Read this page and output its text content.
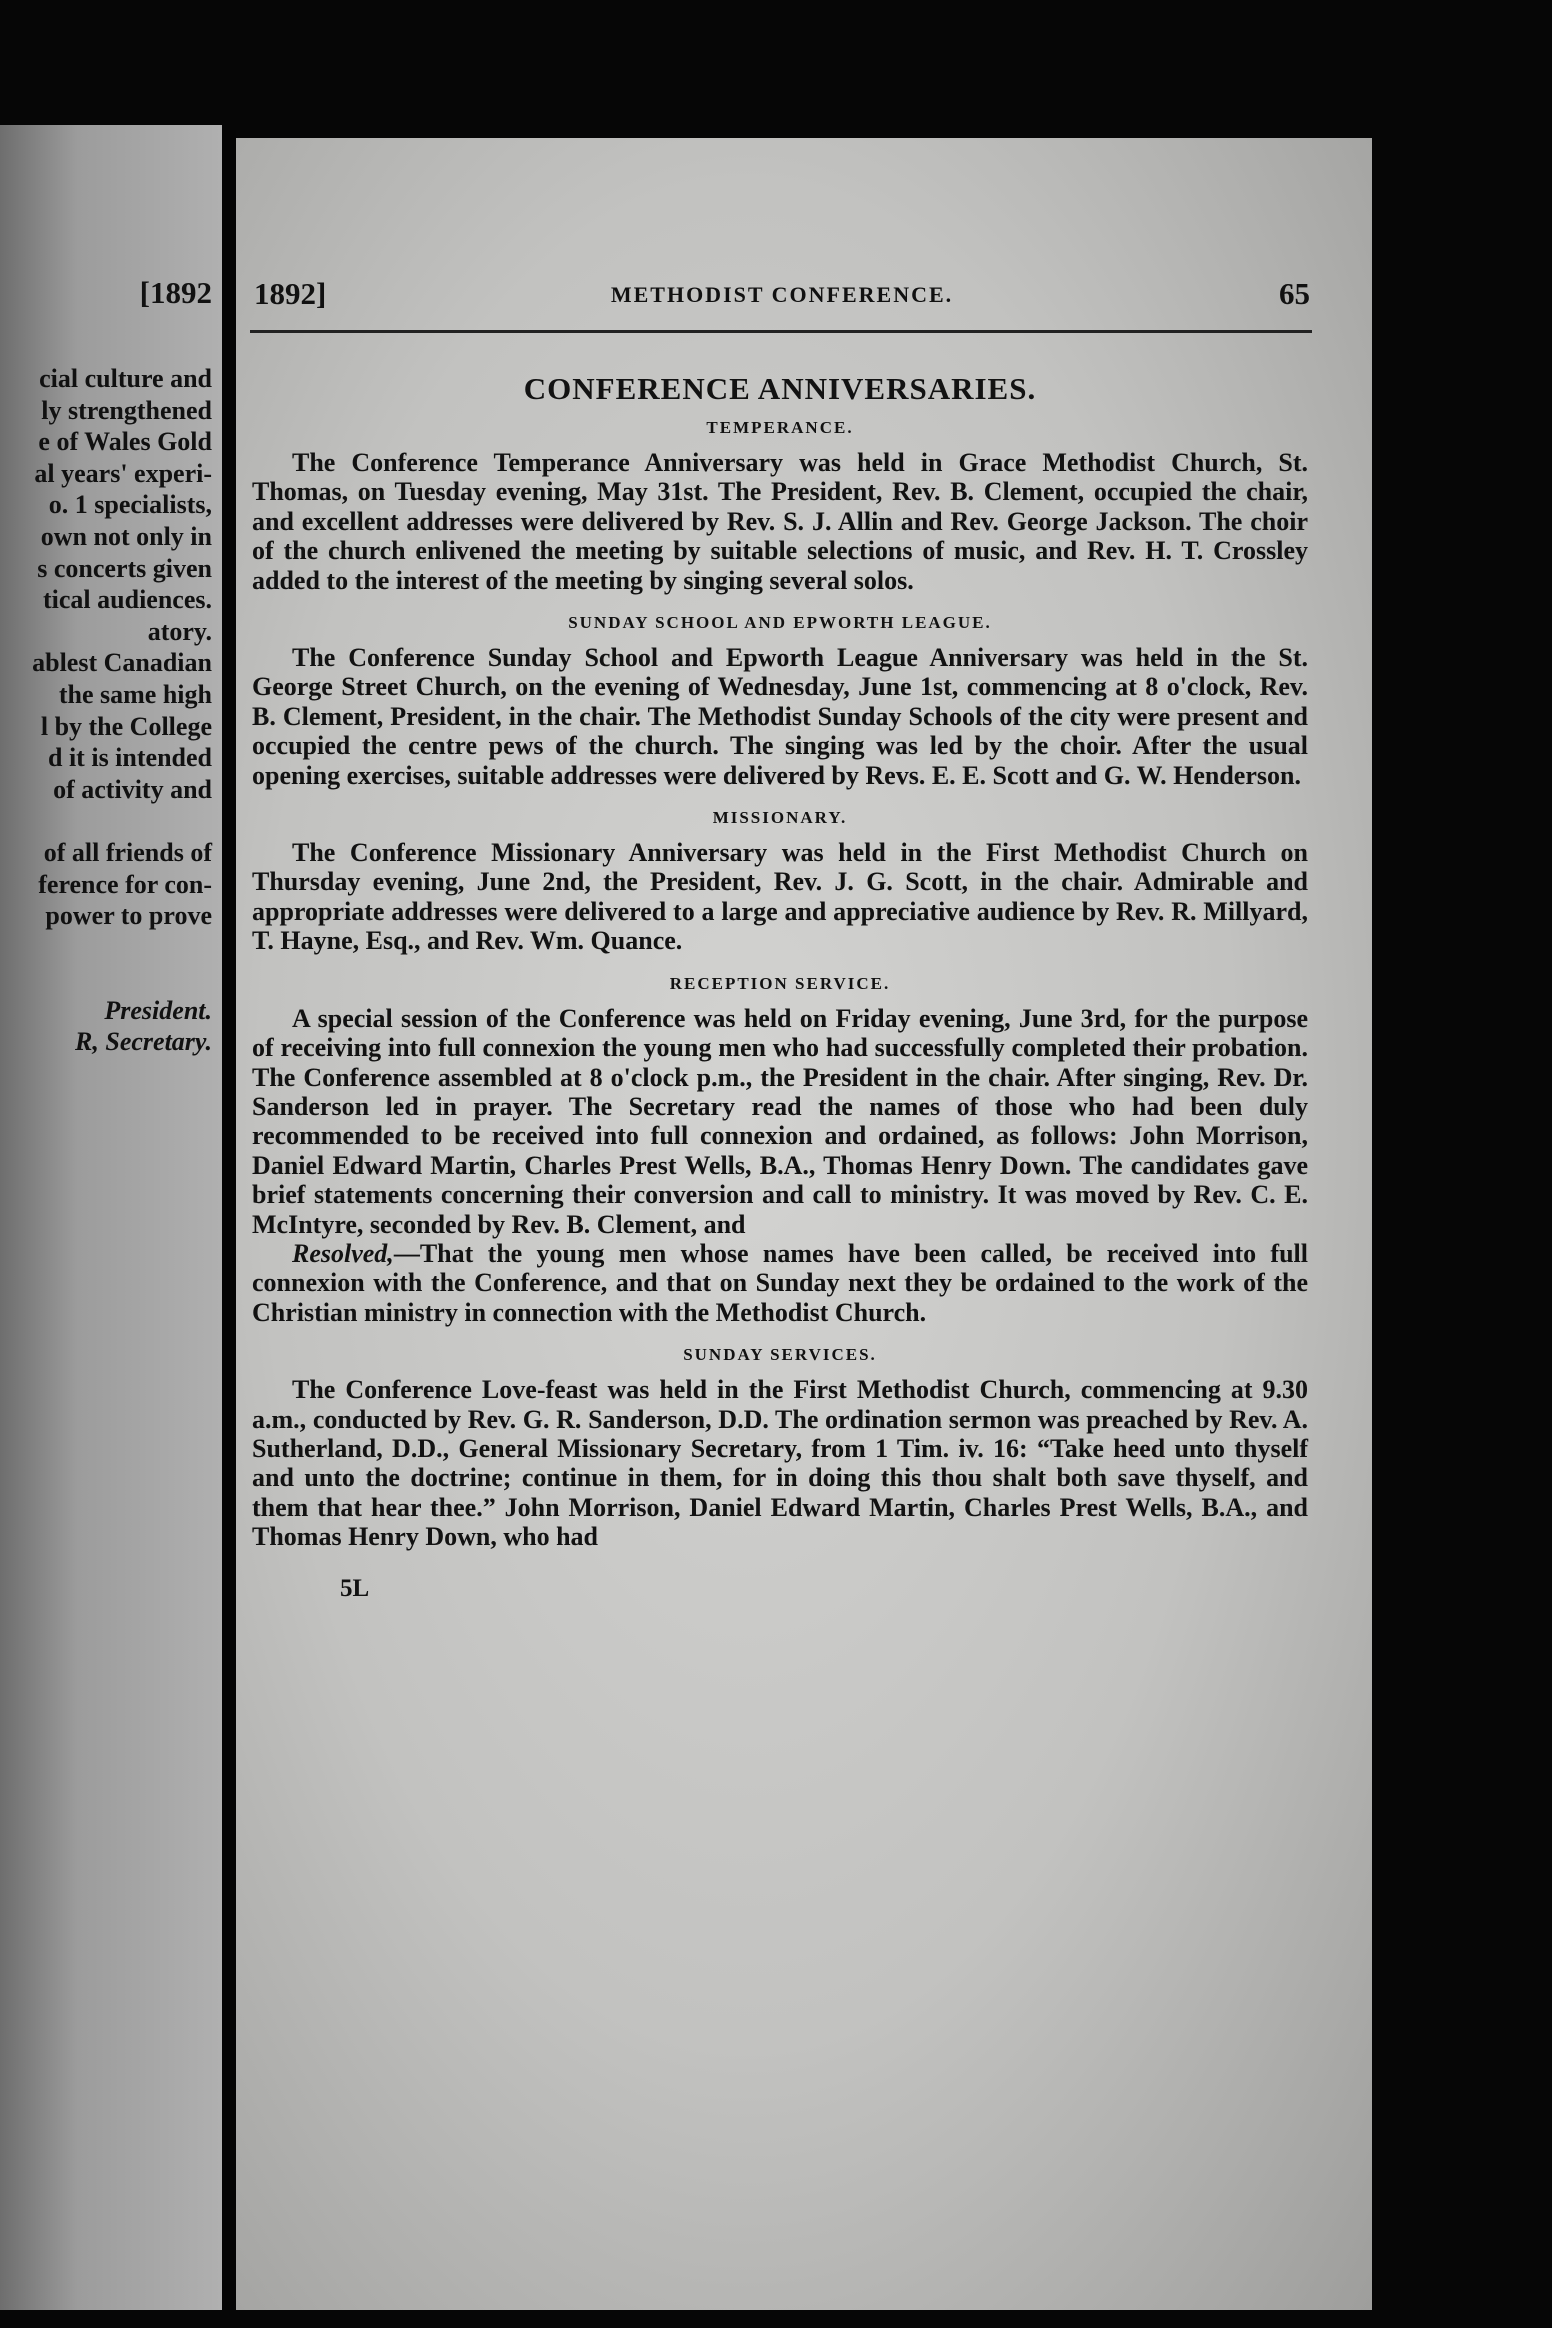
[1892
cial culture and
ly strengthened
e of Wales Gold
al years' experi-
o. 1 specialists,
own not only in
s concerts given
tical audiences.
atory.
ablest Canadian
the same high
l by the College
d it is intended
of activity and
of all friends of
ference for con-
power to prove
President.
R, Secretary.
1892]	METHODIST CONFERENCE.	65
CONFERENCE ANNIVERSARIES.
TEMPERANCE.

The Conference Temperance Anniversary was held in Grace Methodist Church, St. Thomas, on Tuesday evening, May 31st. The President, Rev. B. Clement, occupied the chair, and excellent addresses were delivered by Rev. S. J. Allin and Rev. George Jackson. The choir of the church enlivened the meeting by suitable selections of music, and Rev. H. T. Crossley added to the interest of the meeting by singing several solos.

SUNDAY SCHOOL AND EPWORTH LEAGUE.

The Conference Sunday School and Epworth League Anniversary was held in the St. George Street Church, on the evening of Wednesday, June 1st, commencing at 8 o'clock, Rev. B. Clement, President, in the chair. The Methodist Sunday Schools of the city were present and occupied the centre pews of the church. The singing was led by the choir. After the usual opening exercises, suitable addresses were delivered by Revs. E. E. Scott and G. W. Henderson.

MISSIONARY.

The Conference Missionary Anniversary was held in the First Methodist Church on Thursday evening, June 2nd, the President, Rev. J. G. Scott, in the chair. Admirable and appropriate addresses were delivered to a large and appreciative audience by Rev. R. Millyard, T. Hayne, Esq., and Rev. Wm. Quance.

RECEPTION SERVICE.

A special session of the Conference was held on Friday evening, June 3rd, for the purpose of receiving into full connexion the young men who had successfully completed their probation. The Conference assembled at 8 o'clock p.m., the President in the chair. After singing, Rev. Dr. Sanderson led in prayer. The Secretary read the names of those who had been duly recommended to be received into full connexion and ordained, as follows: John Morrison, Daniel Edward Martin, Charles Prest Wells, B.A., Thomas Henry Down. The candidates gave brief statements concerning their conversion and call to ministry. It was moved by Rev. C. E. McIntyre, seconded by Rev. B. Clement, and

Resolved,—That the young men whose names have been called, be received into full connexion with the Conference, and that on Sunday next they be ordained to the work of the Christian ministry in connection with the Methodist Church.

SUNDAY SERVICES.

The Conference Love-feast was held in the First Methodist Church, commencing at 9.30 a.m., conducted by Rev. G. R. Sanderson, D.D. The ordination sermon was preached by Rev. A. Sutherland, D.D., General Missionary Secretary, from 1 Tim. iv. 16: “Take heed unto thyself and unto the doctrine; continue in them, for in doing this thou shalt both save thyself, and them that hear thee.” John Morrison, Daniel Edward Martin, Charles Prest Wells, B.A., and Thomas Henry Down, who had

5L
